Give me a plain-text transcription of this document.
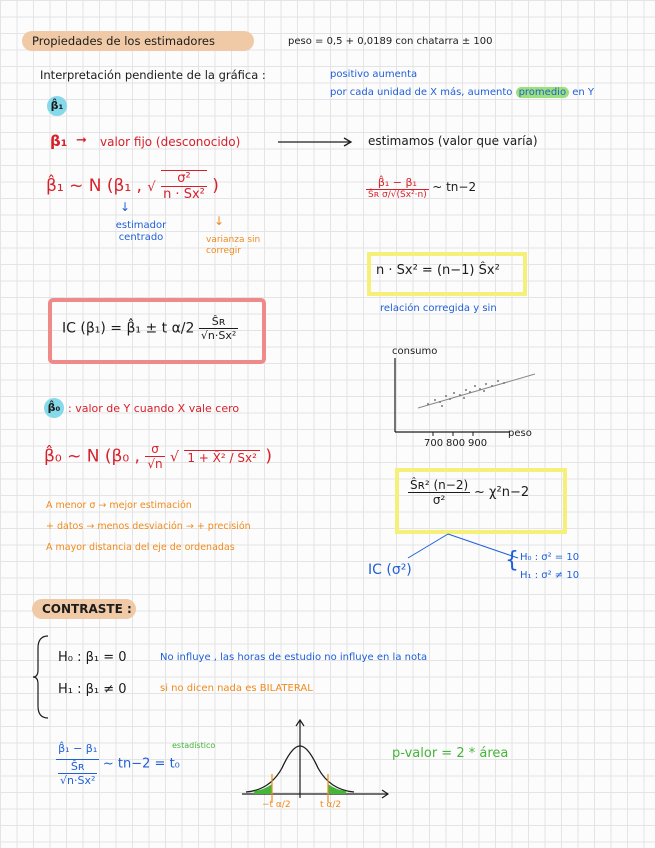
Propiedades de los estimadores	peso = 0,5 + 0,0189 con chatarra ± 100
Interpretación pendiente de la gráfica :	positivo aumenta
por cada unidad de X más, aumento promedio en Y
β̂₁
β₁ ➞ valor fijo (desconocido)	estimamos (valor que varía)
β̂₁ ~ N (β₁ , √ $\frac{\text{σ²}}{\text{n · Sx²}}$ )
↓
estimador centrado
↓
varianza sin corregir
$\frac{\text{β̂₁ − β₁}}{\text{Ŝʀ σ/√(Sx²·n)}}$ ~ tn−2
n · Sx² = (n−1) Ŝx²
relación corregida y sin
IC (β₁) = β̂₁ ± t $\alpha/2 \frac{\text{Ŝʀ}}{\text{√n·Sx²}}$
consumo
700 800 900
peso
β̂₀ : valor de Y cuando X vale cero
β̂₀ ~ N (β₀ , $\frac{\sigma}{√n}$ √ 1 + X̄² / Sx² )
A menor σ → mejor estimación
+ datos → menos desviación → + precisión
A mayor distancia del eje de ordenadas
$\frac{\text{Ŝʀ² (n−2)}}{\text{σ²}}$ ~ χ²n−2
IC (σ²)	{ H₀ : σ² = 10
H₁ : σ² ≠ 10
CONTRASTE :
H₀ : β₁ = 0	No influye , las horas de estudio no influye en la nota
H₁ : β₁ ≠ 0	si no dicen nada es BILATERAL
estadístico
$\frac{\text{β̂₁ − β₁}}{\frac{\text{Ŝʀ}}{\text{√n·Sx²}}}$ ~ tn−2 = t₀
−t α/2	t α/2
p-valor = 2 * área
